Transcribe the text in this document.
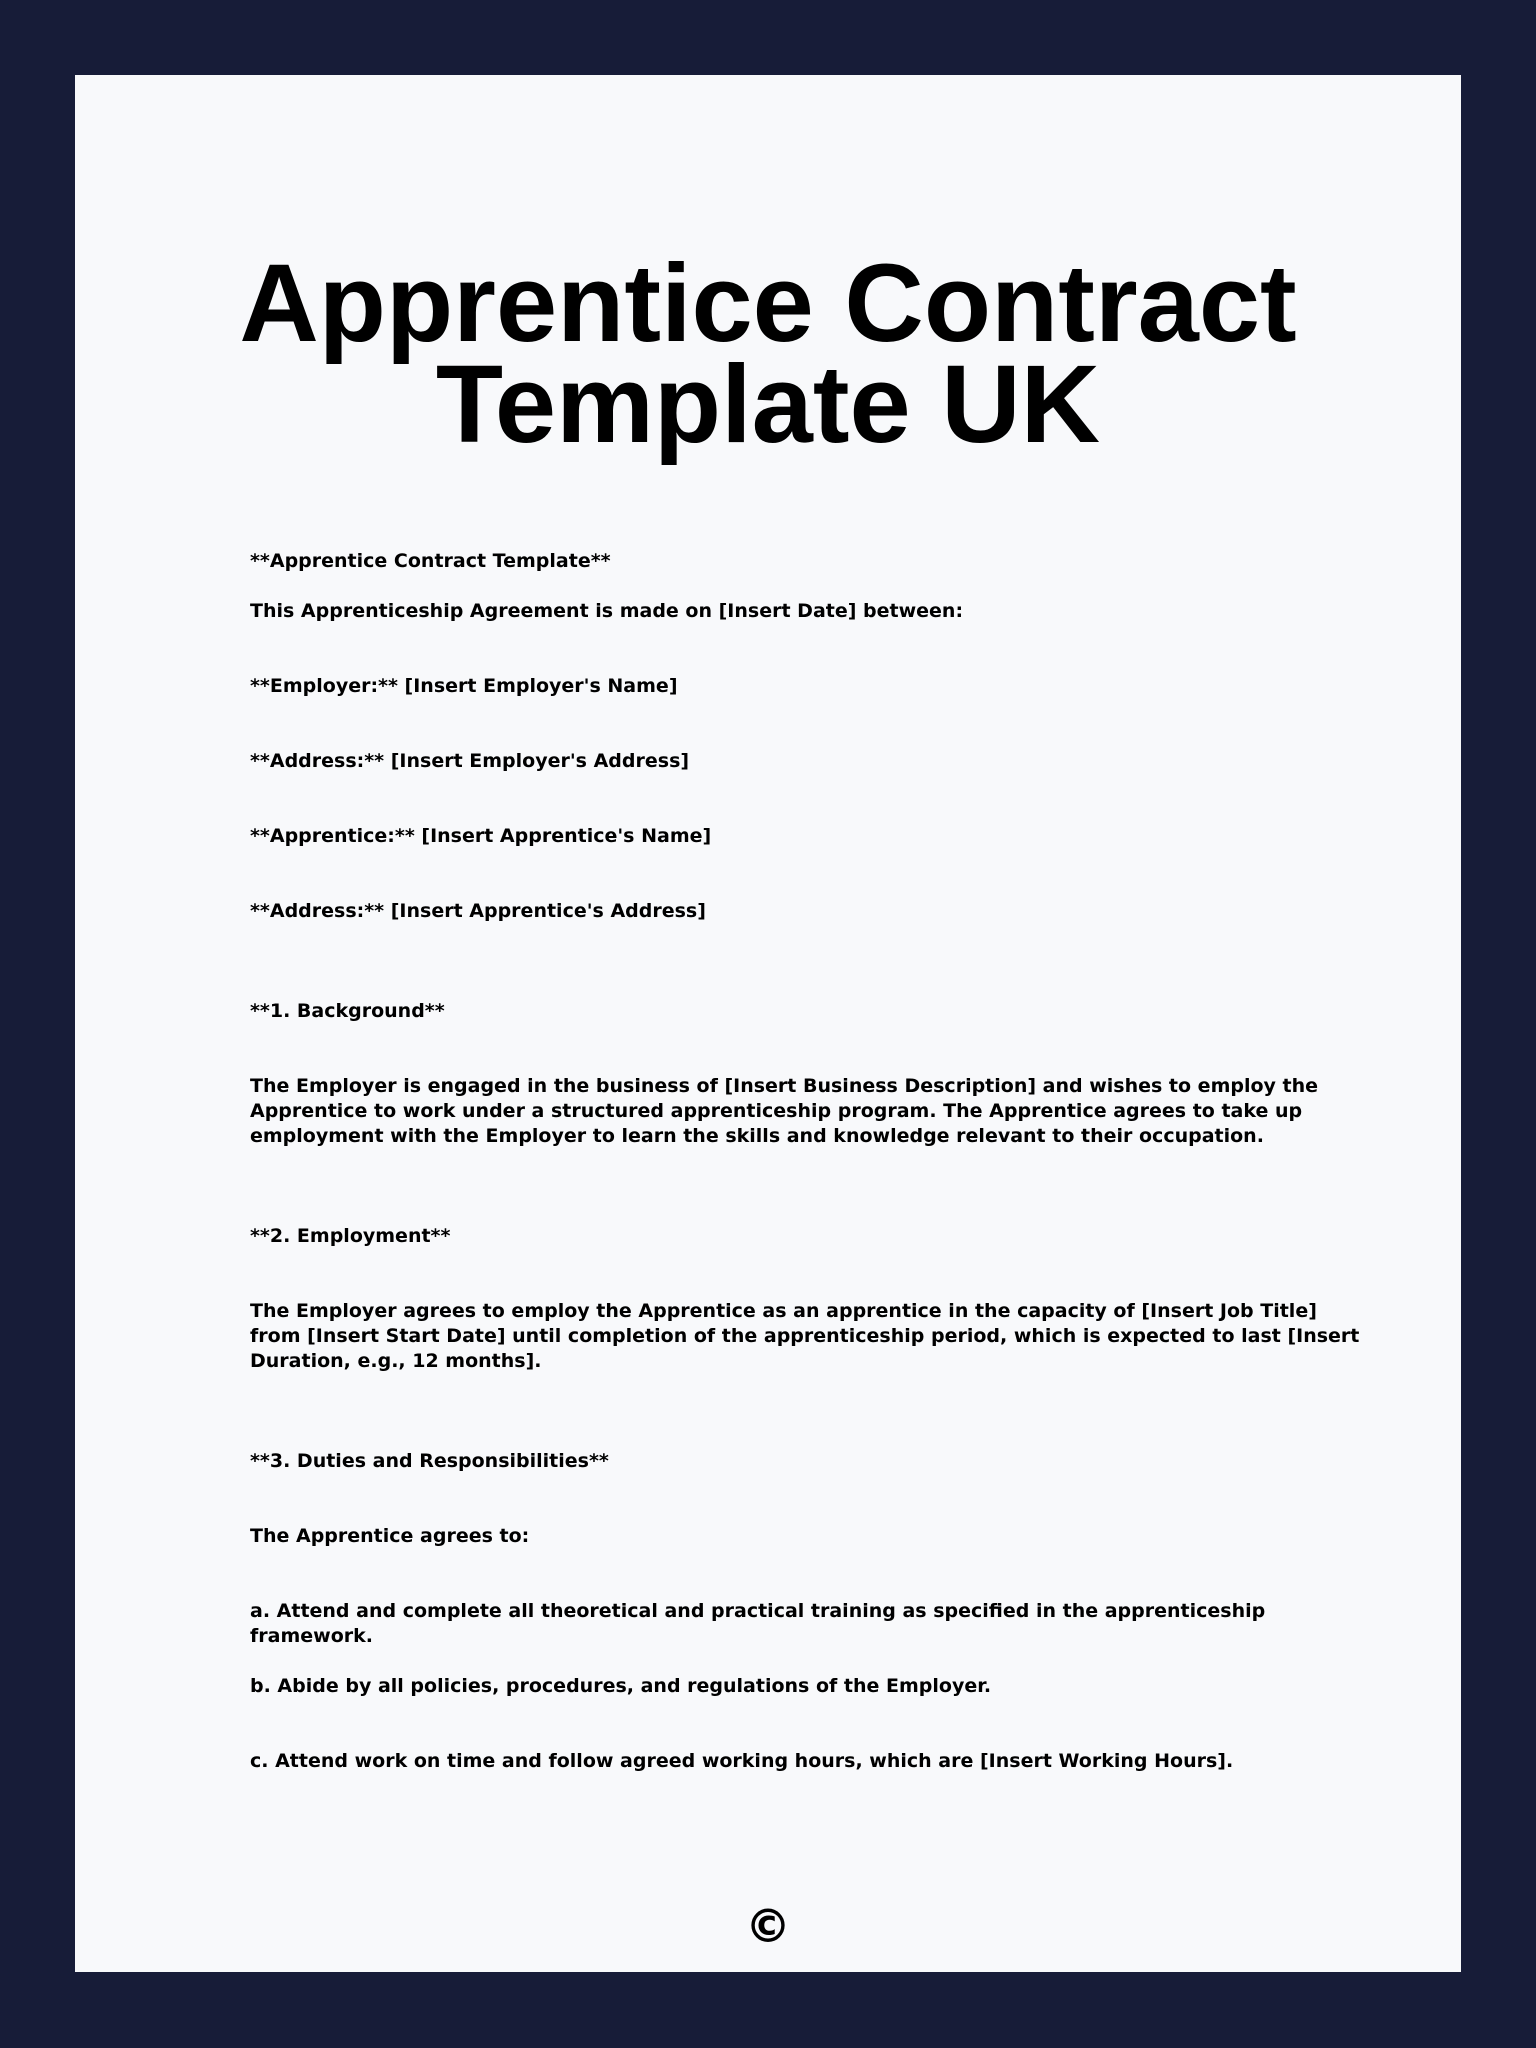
Apprentice Contract
Template UK

**Apprentice Contract Template**

This Apprenticeship Agreement is made on [Insert Date] between:

**Employer:** [Insert Employer's Name]

**Address:** [Insert Employer's Address]

**Apprentice:** [Insert Apprentice's Name]

**Address:** [Insert Apprentice's Address]

**1. Background**

The Employer is engaged in the business of [Insert Business Description] and wishes to employ the Apprentice to work under a structured apprenticeship program. The Apprentice agrees to take up employment with the Employer to learn the skills and knowledge relevant to their occupation.

**2. Employment**

The Employer agrees to employ the Apprentice as an apprentice in the capacity of [Insert Job Title] from [Insert Start Date] until completion of the apprenticeship period, which is expected to last [Insert Duration, e.g., 12 months].

**3. Duties and Responsibilities**

The Apprentice agrees to:

a. Attend and complete all theoretical and practical training as specified in the apprenticeship framework.

b. Abide by all policies, procedures, and regulations of the Employer.

c. Attend work on time and follow agreed working hours, which are [Insert Working Hours].

©
